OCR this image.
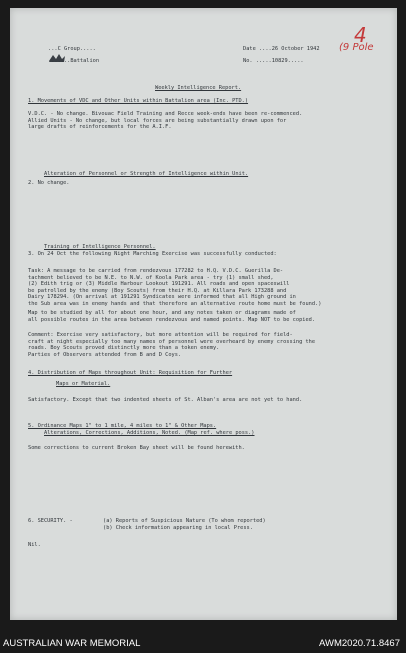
...C Group.....
.......Battalion
Date ....26 October 1942
No. .....10829.....
4
(9 Pole
Weekly Intelligence Report.
1. Movements of VDC and Other Units within Battalion area (Inc. PTD.)
V.D.C. - No change. Bivouac Field Training and Recce week-ends have been re-commenced.
Allied Units - No change, but local forces are being substantially drawn upon for
large drafts of reinforcements for the A.I.F.
Alteration of Personnel or Strength of Intelligence within Unit.
2. No change.
Training of Intelligence Personnel.
3. On 24 Oct the following Night Marching Exercise was successfully conducted:
Task: A message to be carried from rendezvous 177282 to H.Q. V.D.C. Guerilla De-
tachment believed to be N.E. to N.W. of Koola Park area - try (1) small shed,
(2) Edith trig or (3) Middle Harbour Lookout 191291. All roads and open spaceswill
be patrolled by the enemy (Boy Scouts) from their H.Q. at Killara Park 173288 and
Dairy 178294. (On arrival at 191291 Syndicates were informed that all High ground in
the Sub area was in enemy hands and that therefore an alternative route home must be found.)
Map to be studied by all for about one hour, and any notes taken or diagrams made of
all possible routes in the area between rendezvous and named points. Map NOT to be copied.
Comment: Exercise very satisfactory, but more attention will be required for field-
craft at night especially too many names of personnel were overheard by enemy crossing the
roads. Boy Scouts proved distinctly more than a token enemy.
Parties of Observers attended from B and D Coys.
4. Distribution of Maps throughout Unit: Requisition for Further
Maps or Material.
Satisfactory. Except that two indented sheets of St. Alban's area are not yet to hand.
5. Ordinance Maps 1" to 1 mile, 4 miles to 1" & Other Maps.
Alterations, Corrections, Additions, Noted. (Map ref. where poss.)
Some corrections to current Broken Bay sheet will be found herewith.
6. SECURITY. -	(a) Reports of Suspicious Nature (To whom reported)
(b) Check information appearing in local Press.
Nil.
AUSTRALIAN WAR MEMORIAL	AWM2020.71.8467
